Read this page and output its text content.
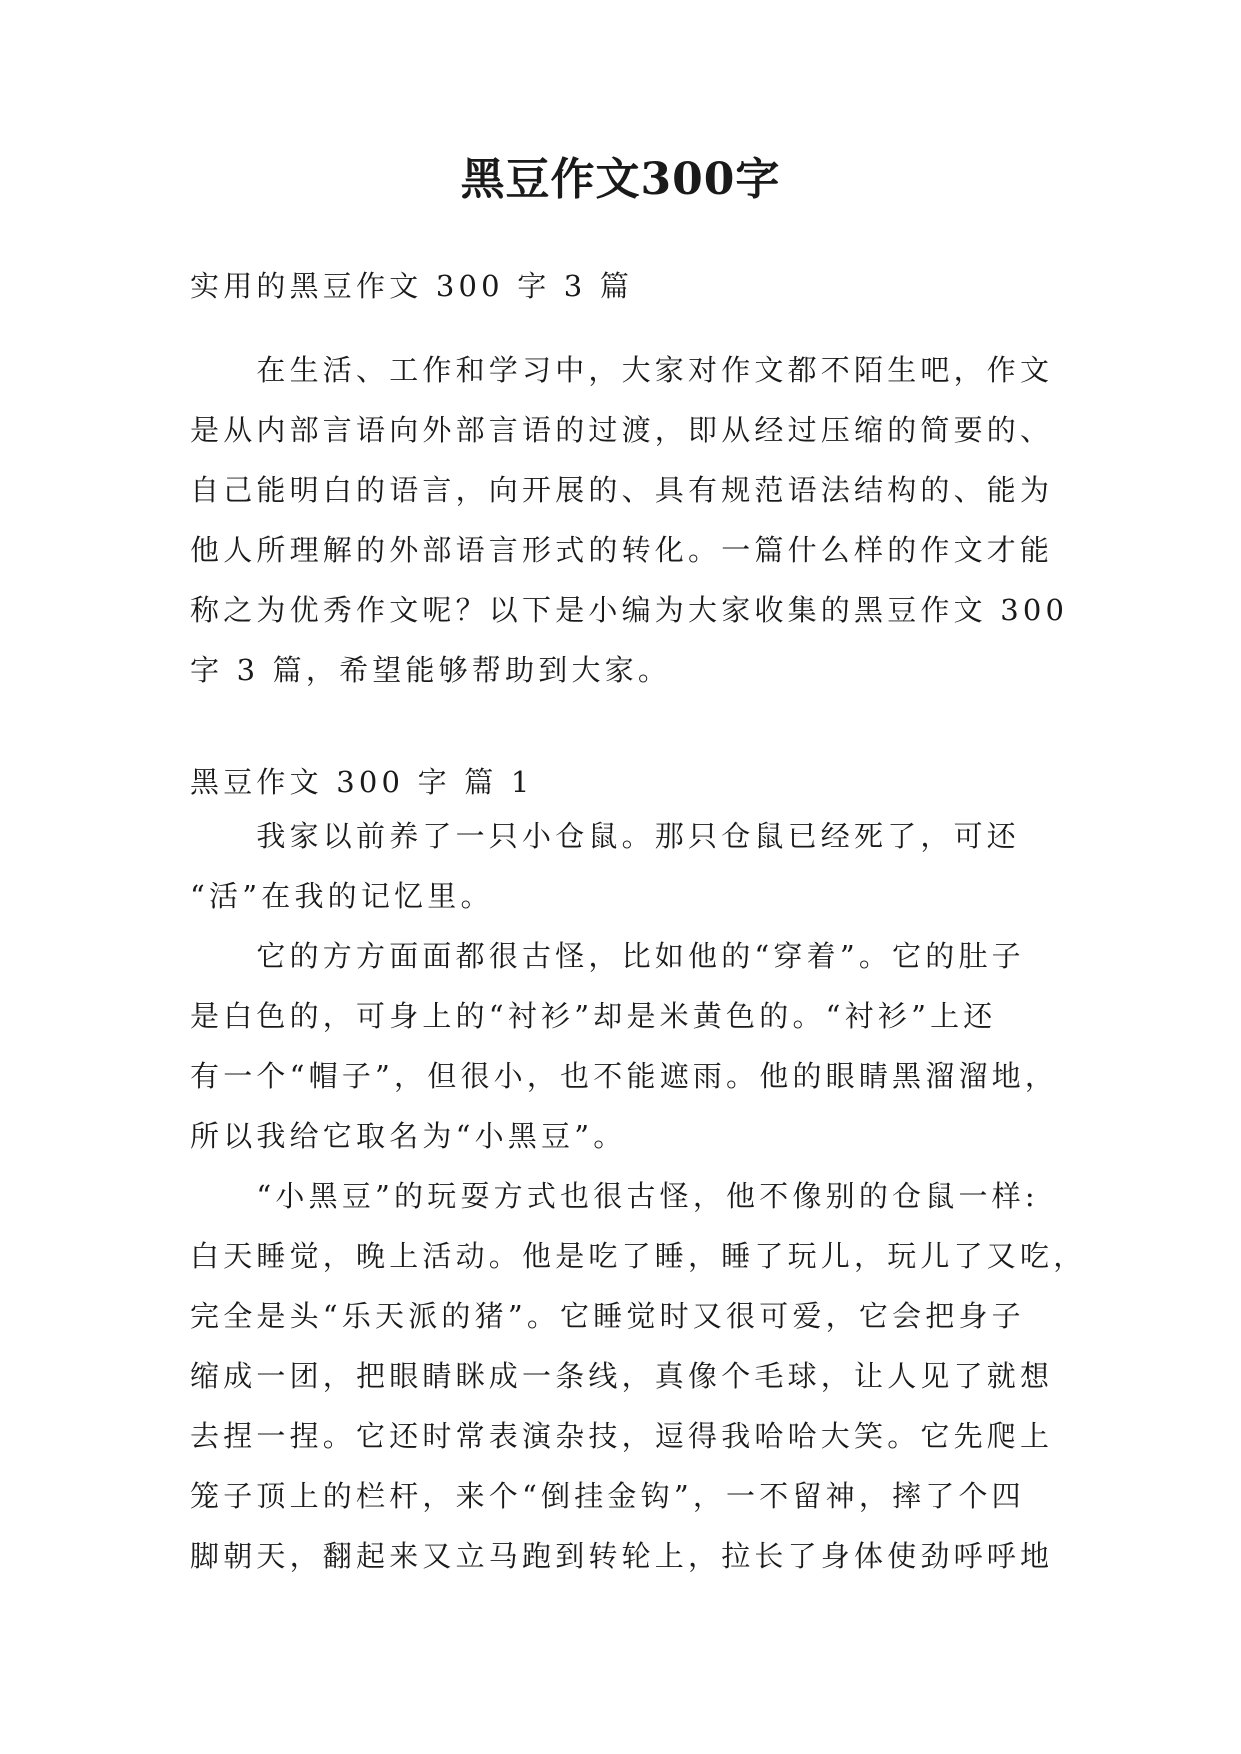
黑豆作文300字
实用的黑豆作文 300 字 3 篇
　　在生活、工作和学习中，大家对作文都不陌生吧，作文
是从内部言语向外部言语的过渡，即从经过压缩的简要的、
自己能明白的语言，向开展的、具有规范语法结构的、能为
他人所理解的外部语言形式的转化。一篇什么样的作文才能
称之为优秀作文呢？以下是小编为大家收集的黑豆作文 300
字 3 篇，希望能够帮助到大家。
黑豆作文 300 字 篇 1
　　我家以前养了一只小仓鼠。那只仓鼠已经死了，可还
“活”在我的记忆里。
　　它的方方面面都很古怪，比如他的“穿着”。它的肚子
是白色的，可身上的“衬衫”却是米黄色的。“衬衫”上还
有一个“帽子”，但很小，也不能遮雨。他的眼睛黑溜溜地，
所以我给它取名为“小黑豆”。
　　“小黑豆”的玩耍方式也很古怪，他不像别的仓鼠一样:
白天睡觉，晚上活动。他是吃了睡，睡了玩儿，玩儿了又吃，
完全是头“乐天派的猪”。它睡觉时又很可爱，它会把身子
缩成一团，把眼睛眯成一条线，真像个毛球，让人见了就想
去捏一捏。它还时常表演杂技，逗得我哈哈大笑。它先爬上
笼子顶上的栏杆，来个“倒挂金钩”，一不留神，摔了个四
脚朝天，翻起来又立马跑到转轮上，拉长了身体使劲呼呼地
